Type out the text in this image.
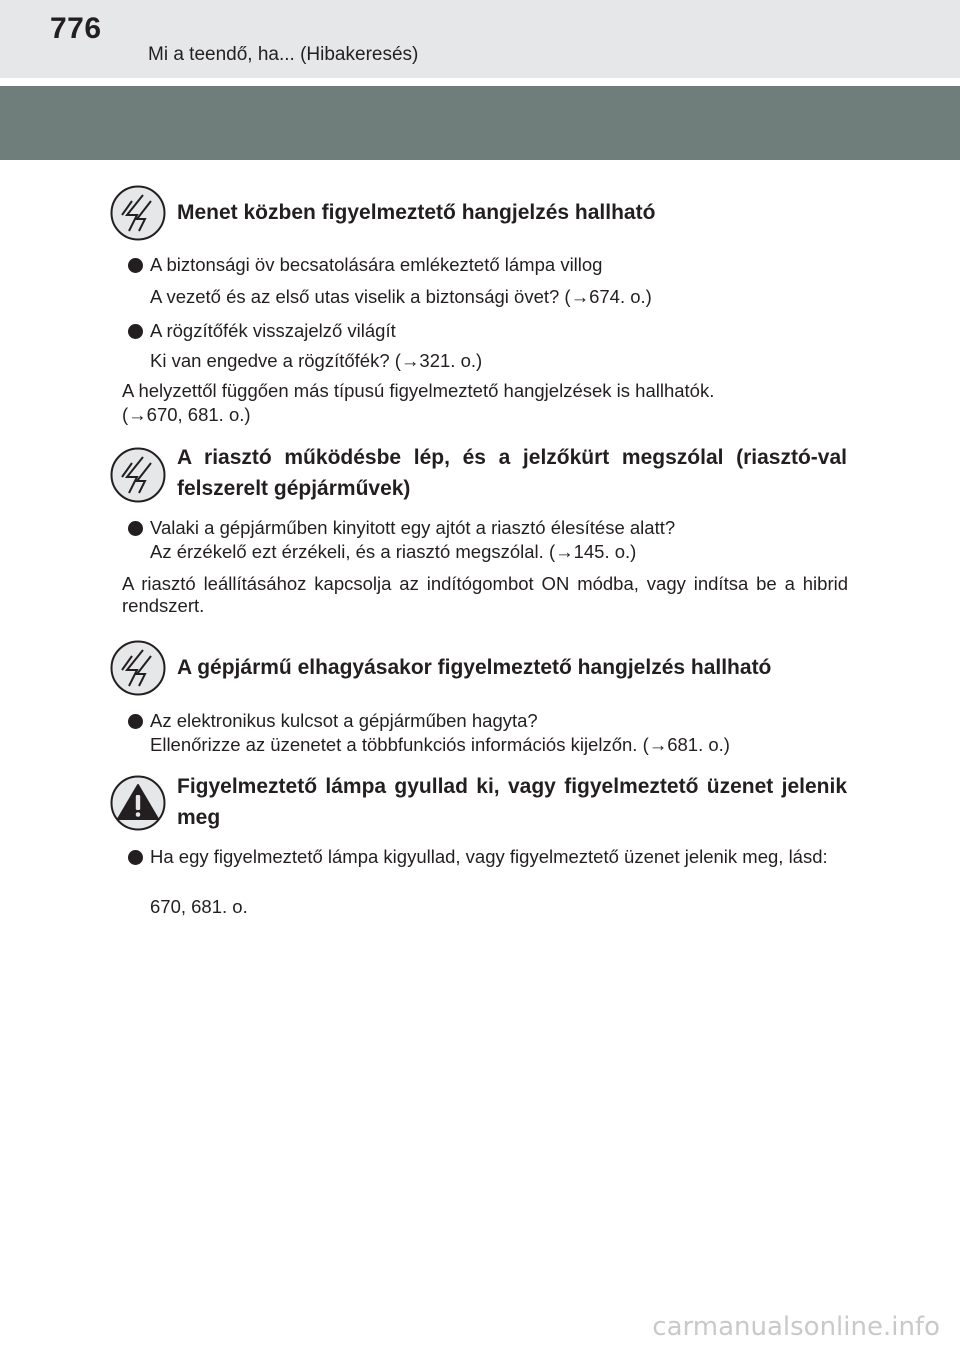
776
Mi a teendő, ha... (Hibakeresés)
Menet közben figyelmeztető hangjelzés hallható
A biztonsági öv becsatolására emlékeztető lámpa villog
A vezető és az első utas viselik a biztonsági övet? (→674. o.)
A rögzítőfék visszajelző világít
Ki van engedve a rögzítőfék? (→321. o.)
A helyzettől függően más típusú figyelmeztető hangjelzések is hallhatók.
(→670, 681. o.)
A riasztó működésbe lép, és a jelzőkürt megszólal (riasztó-val felszerelt gépjárművek)
Valaki a gépjárműben kinyitott egy ajtót a riasztó élesítése alatt?
Az érzékelő ezt érzékeli, és a riasztó megszólal. (→145. o.)
A riasztó leállításához kapcsolja az indítógombot ON módba, vagy indítsa be a hibrid rendszert.
A gépjármű elhagyásakor figyelmeztető hangjelzés hallható
Az elektronikus kulcsot a gépjárműben hagyta?
Ellenőrizze az üzenetet a többfunkciós információs kijelzőn. (→681. o.)
Figyelmeztető lámpa gyullad ki, vagy figyelmeztető üzenet jelenik meg
Ha egy figyelmeztető lámpa kigyullad, vagy figyelmeztető üzenet jelenik meg, lásd:
670, 681. o.
carmanualsonline.info
